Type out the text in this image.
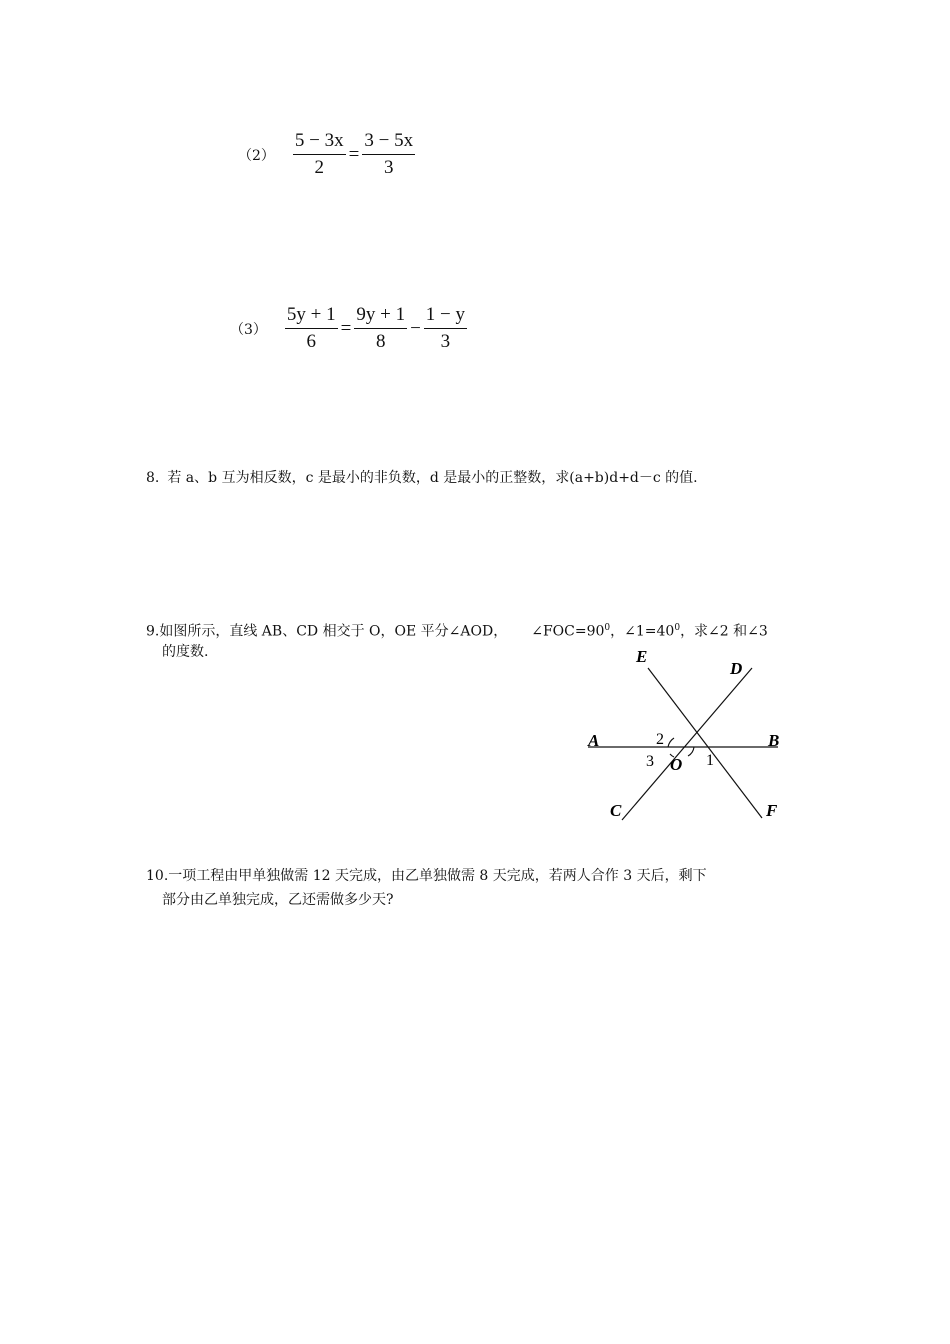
$(2) \frac{5 - 3x}{2} = \frac{3 - 5x}{3}$
$(3) \frac{5y + 1}{6} = \frac{9y + 1}{8} - \frac{1 - y}{3}$
8. 若 a、b 互为相反数，c 是最小的非负数，d 是最小的正整数，求(a+b)d+d－c 的值.
9.如图所示，直线 AB、CD 相交于 O，OE 平分∠AOD， $\angle FOC=90^0$，$\angle 1=40^0$，求∠2 和∠3
的度数.	E
D
A	B
O
C	F
2
3	1
10.一项工程由甲单独做需 12 天完成，由乙单独做需 8 天完成，若两人合作 3 天后，剩下
部分由乙单独完成，乙还需做多少天?
